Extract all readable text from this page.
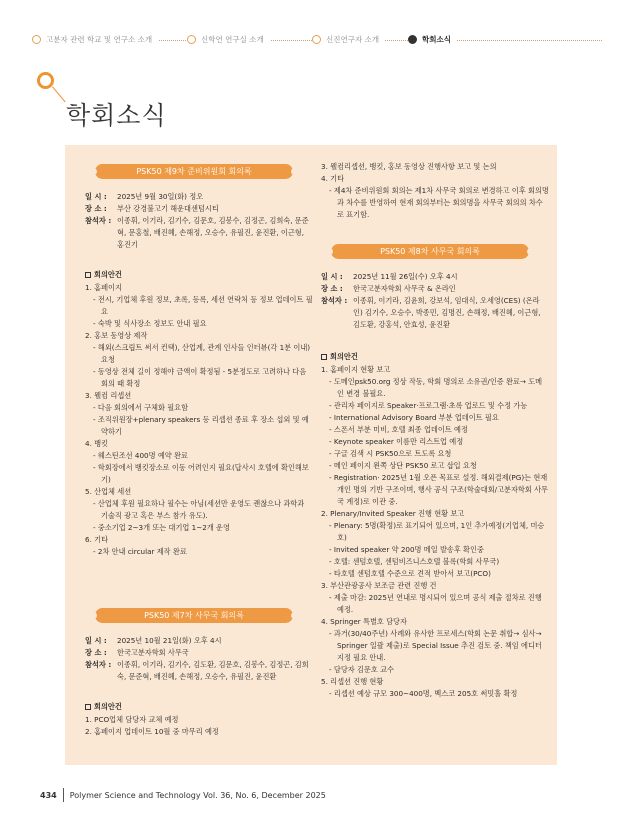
고분자 관련 학교 및 연구소 소개	신학연 연구실 소개	신진연구자 소개	학회소식
학회소식
PSK50 제9차 준비위원회 회의록
일 시 :	2025년 9월 30일(화) 정오
장 소 :	부산 강경불고기 해운대센텀시티
참석자 : 이종휘, 이기라, 김기수, 김문호, 김봉수, 김정곤, 김희숙, 문준혁, 문홍철, 배진혜, 손해정, 오승수, 유필진, 윤진환, 이근형, 홍진기
회의안건
1. 홈페이지
- 전시, 기업체 후원 정보, 초록, 등록, 세션 연락처 등 정보 업데이트 필요
- 숙박 및 식사장소 정보도 안내 필요
2. 홍보 동영상 제작
- 해외(스크립트 써서 컨택), 산업계, 관계 인사들 인터뷰(각 1분 이내) 요청
- 동영상 전체 길이 정해야 금액이 확정됨 - 5분정도로 고려하나 다음 회의 때 확정
3. 웰컴 리셉션
- 다음 회의에서 구체화 필요함
- 조직위원장+plenary speakers 등 리셉션 종료 후 장소 섭외 및 예약하기
4. 뱅킷
- 웨스틴조선 400명 예약 완료
- 학회장에서 뱅킷장소로 이동 어려인지 필요(답사시 호텔에 확인해보기)
5. 산업체 세션
- 산업체 후원 필요하나 필수는 아님(세션만 운영도 괜찮으나 과학과 기술직 광고 혹은 부스 참가 유도).
- 중소기업 2~3개 또는 대기업 1~2개 운영
6. 기타
- 2차 안내 circular 제작 완료
PSK50 제7차 사무국 회의록
일 시 :	2025년 10월 21일(화) 오후 4시
장 소 :	한국고분자학회 사무국
참석자 : 이종휘, 이기라, 김기수, 김도환, 김문호, 김봉수, 김정곤, 김희숙, 문준혁, 배진혜, 손해정, 오승수, 유필진, 윤진환
회의안건
1. PCO업체 담당자 교체 예정
2. 홈페이지 업데이트 10월 중 마무리 예정
3. 웰컴리셉션, 뱅킷, 홍보 동영상 진행사항 보고 및 논의
4. 기타
- 제4차 준비위원회 회의는 제1차 사무국 회의로 변경하고 이후 회의명과 차수를 반영하여 현재 회의부터는 회의명을 사무국 회의의 차수로 표기함.
PSK50 제8차 사무국 회의록
일 시 :	2025년 11월 26일(수) 오후 4시
장 소 :	한국고분자학회 사무국 & 온라인
참석자 : 이종휘, 이기라, 김윤희, 강보석, 임대식, 오세영(CES) (온라인) 김기수, 오승수, 박종민, 김명진, 손해정, 배진혜, 이근형, 김도환, 강홍석, 안효성, 윤진환
회의안건
1. 홈페이지 현황 보고
- 도메인psk50.org 정상 작동, 학회 명의로 소유권/인증 완료→ 도메인 변경 불필요.
- 관리자 페이지로 Speaker·프로그램·초록 업로드 및 수정 가능
- International Advisory Board 부분 업데이트 필요
- 스폰서 부분 미비, 호텔 최종 업데이트 예정
- Keynote speaker 이름만 리스트업 예정
- 구글 검색 시 PSK50으로 트도록 요청
- 메인 페이지 왼쪽 상단 PSK50 로고 삽입 요청
- Registration· 2025년 1월 오픈 목표로 설정. 해외결제(PG)는 현재 개인 명의 기반 구조이며, 행사 공식 구조(학술대회/고분자학회 사무국 계정)로 이관 중.
2. Plenary/Invited Speaker 진행 현황 보고
- Plenary: 5명(확정)로 표기되어 있으며, 1인 추가예정(기업체, 미승호)
- Invited speaker 약 200명 메일 발송후 확인중
- 호텔: 센텀호텔, 센텀비즈니스호텔 블록(학회 사무국)
- 타호텔 센텀호텔 수준으로 견적 받아서 보고(PCO)
3. 부산관광공사 보조금 관련 진행 건
- 제출 마감: 2025년 연내로 명시되어 있으며 공식 제출 절차로 진행 예정.
4. Springer 특별호 담당자
- 과거(30/40주년) 사례와 유사한 프로세스(학회 논문 취합→ 심사→ Springer 일괄 제출)로 Special Issue 추진 검토 중. 책임 에디터 지정 필요 안내.
- 담당자 김문호 교수
5. 리셉션 진행 현황
- 리셉션 예상 규모 300~400명, 벡스코 205호 써밋홀 확정
434 Polymer Science and Technology Vol. 36, No. 6, December 2025
